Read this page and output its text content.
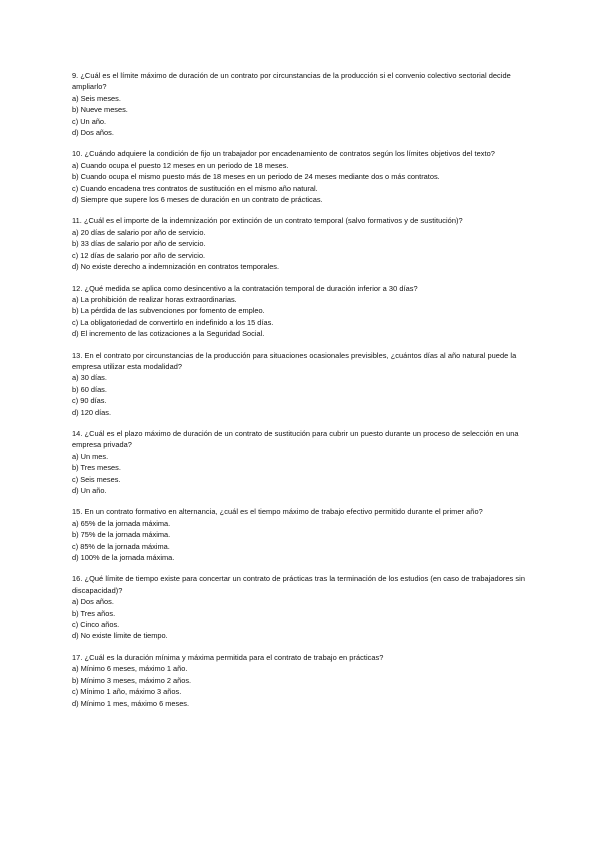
9. ¿Cuál es el límite máximo de duración de un contrato por circunstancias de la producción si el convenio colectivo sectorial decide ampliarlo?

a) Seis meses.
b) Nueve meses.
c) Un año.
d) Dos años.

10. ¿Cuándo adquiere la condición de fijo un trabajador por encadenamiento de contratos según los límites objetivos del texto?

a) Cuando ocupa el puesto 12 meses en un periodo de 18 meses.
b) Cuando ocupa el mismo puesto más de 18 meses en un periodo de 24 meses mediante dos o más contratos.
c) Cuando encadena tres contratos de sustitución en el mismo año natural.
d) Siempre que supere los 6 meses de duración en un contrato de prácticas.

11. ¿Cuál es el importe de la indemnización por extinción de un contrato temporal (salvo formativos y de sustitución)?

a) 20 días de salario por año de servicio.
b) 33 días de salario por año de servicio.
c) 12 días de salario por año de servicio.
d) No existe derecho a indemnización en contratos temporales.

12. ¿Qué medida se aplica como desincentivo a la contratación temporal de duración inferior a 30 días?

a) La prohibición de realizar horas extraordinarias.
b) La pérdida de las subvenciones por fomento de empleo.
c) La obligatoriedad de convertirlo en indefinido a los 15 días.
d) El incremento de las cotizaciones a la Seguridad Social.

13. En el contrato por circunstancias de la producción para situaciones ocasionales previsibles, ¿cuántos días al año natural puede la empresa utilizar esta modalidad?

a) 30 días.
b) 60 días.
c) 90 días.
d) 120 días.

14. ¿Cuál es el plazo máximo de duración de un contrato de sustitución para cubrir un puesto durante un proceso de selección en una empresa privada?

a) Un mes.
b) Tres meses.
c) Seis meses.
d) Un año.

15. En un contrato formativo en alternancia, ¿cuál es el tiempo máximo de trabajo efectivo permitido durante el primer año?

a) 65% de la jornada máxima.
b) 75% de la jornada máxima.
c) 85% de la jornada máxima.
d) 100% de la jornada máxima.

16. ¿Qué límite de tiempo existe para concertar un contrato de prácticas tras la terminación de los estudios (en caso de trabajadores sin discapacidad)?

a) Dos años.
b) Tres años.
c) Cinco años.
d) No existe límite de tiempo.

17. ¿Cuál es la duración mínima y máxima permitida para el contrato de trabajo en prácticas?

a) Mínimo 6 meses, máximo 1 año.
b) Mínimo 3 meses, máximo 2 años.
c) Mínimo 1 año, máximo 3 años.
d) Mínimo 1 mes, máximo 6 meses.
